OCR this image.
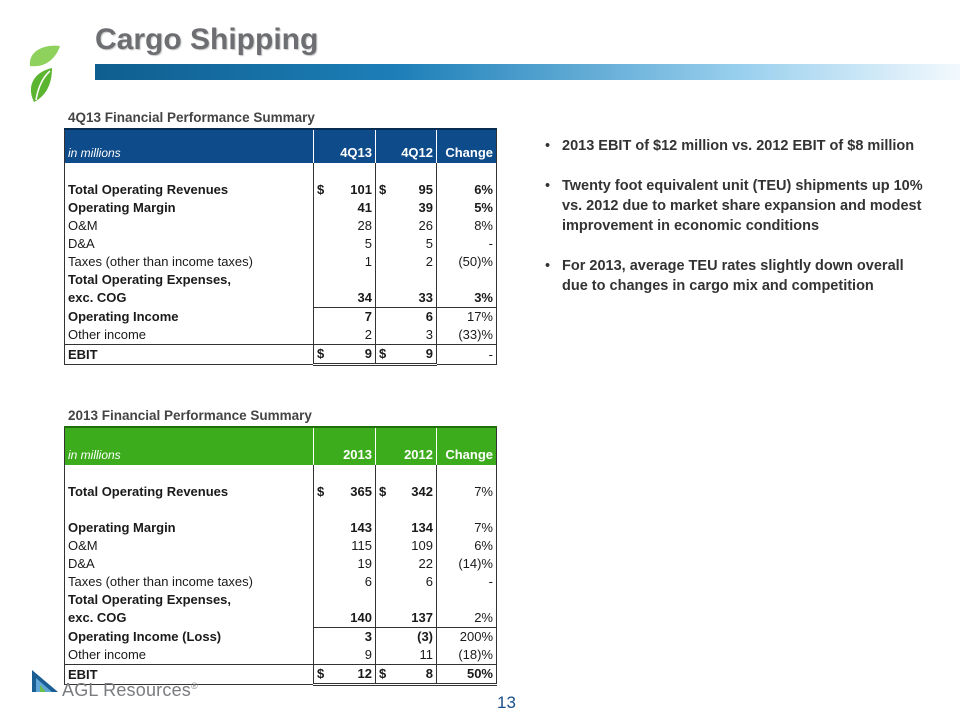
Cargo Shipping
4Q13 Financial Performance Summary
in millions	4Q13	4Q12	Change

Total Operating Revenues	$ 101	$ 95	6%
Operating Margin	41	39	5%
O&M	28	26	8%
D&A	5	5	-
Taxes (other than income taxes)	1	2	(50)%
Total Operating Expenses,			
exc. COG	34	33	3%
Operating Income	7	6	17%
Other income	2	3	(33)%
EBIT	$ 9	$ 9	-
2013 Financial Performance Summary
in millions	2013	2012	Change

Total Operating Revenues	$ 365	$ 342	7%

Operating Margin	143	134	7%
O&M	115	109	6%
D&A	19	22	(14)%
Taxes (other than income taxes)	6	6	-
Total Operating Expenses,			
exc. COG	140	137	2%
Operating Income (Loss)	3	(3)	200%
Other income	9	11	(18)%
EBIT	$ 12	$ 8	50%
• 2013 EBIT of $12 million vs. 2012 EBIT of $8 million
• Twenty foot equivalent unit (TEU) shipments up 10% vs. 2012 due to market share expansion and modest improvement in economic conditions
• For 2013, average TEU rates slightly down overall due to changes in cargo mix and competition
AGL Resources®
13
